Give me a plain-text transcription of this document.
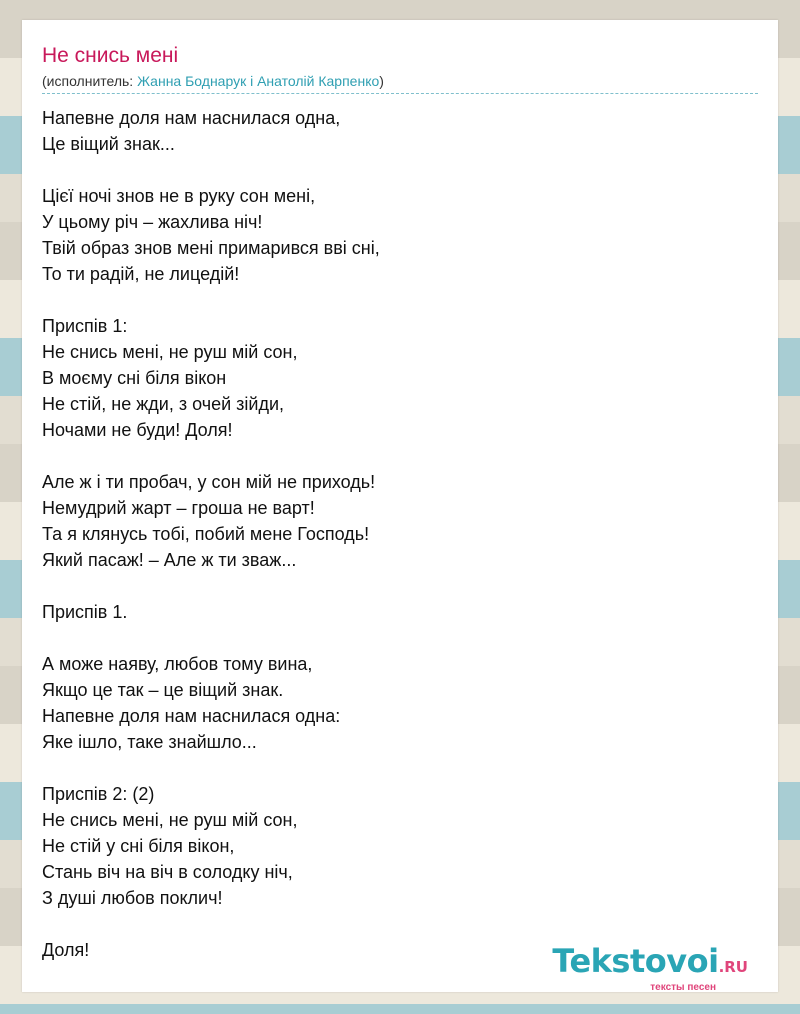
Не снись мені
(исполнитель: Жанна Боднарук і Анатолій Карпенко)
Напевне доля нам наснилася одна,
Це віщий знак...
Цієї ночі знов не в руку сон мені,
У цьому річ – жахлива ніч!
Твій образ знов мені примарився вві сні,
То ти радій, не лицедій!
Приспів 1:
Не снись мені, не руш мій сон,
В моєму сні біля вікон
Не стій, не жди, з очей зійди,
Ночами не буди! Доля!
Але ж і ти пробач, у сон мій не приходь!
Немудрий жарт – гроша не варт!
Та я клянусь тобі, побий мене Господь!
Який пасаж! – Але ж ти зваж...
Приспів 1.
А може наяву, любов тому вина,
Якщо це так – це віщий знак.
Напевне доля нам наснилася одна:
Яке ішло, таке знайшло...
Приспів 2: (2)
Не снись мені, не руш мій сон,
Не стій у сні біля вікон,
Стань віч на віч в солодку ніч,
З душі любов поклич!
Доля!	Tekstovoi.RU
тексты песен
